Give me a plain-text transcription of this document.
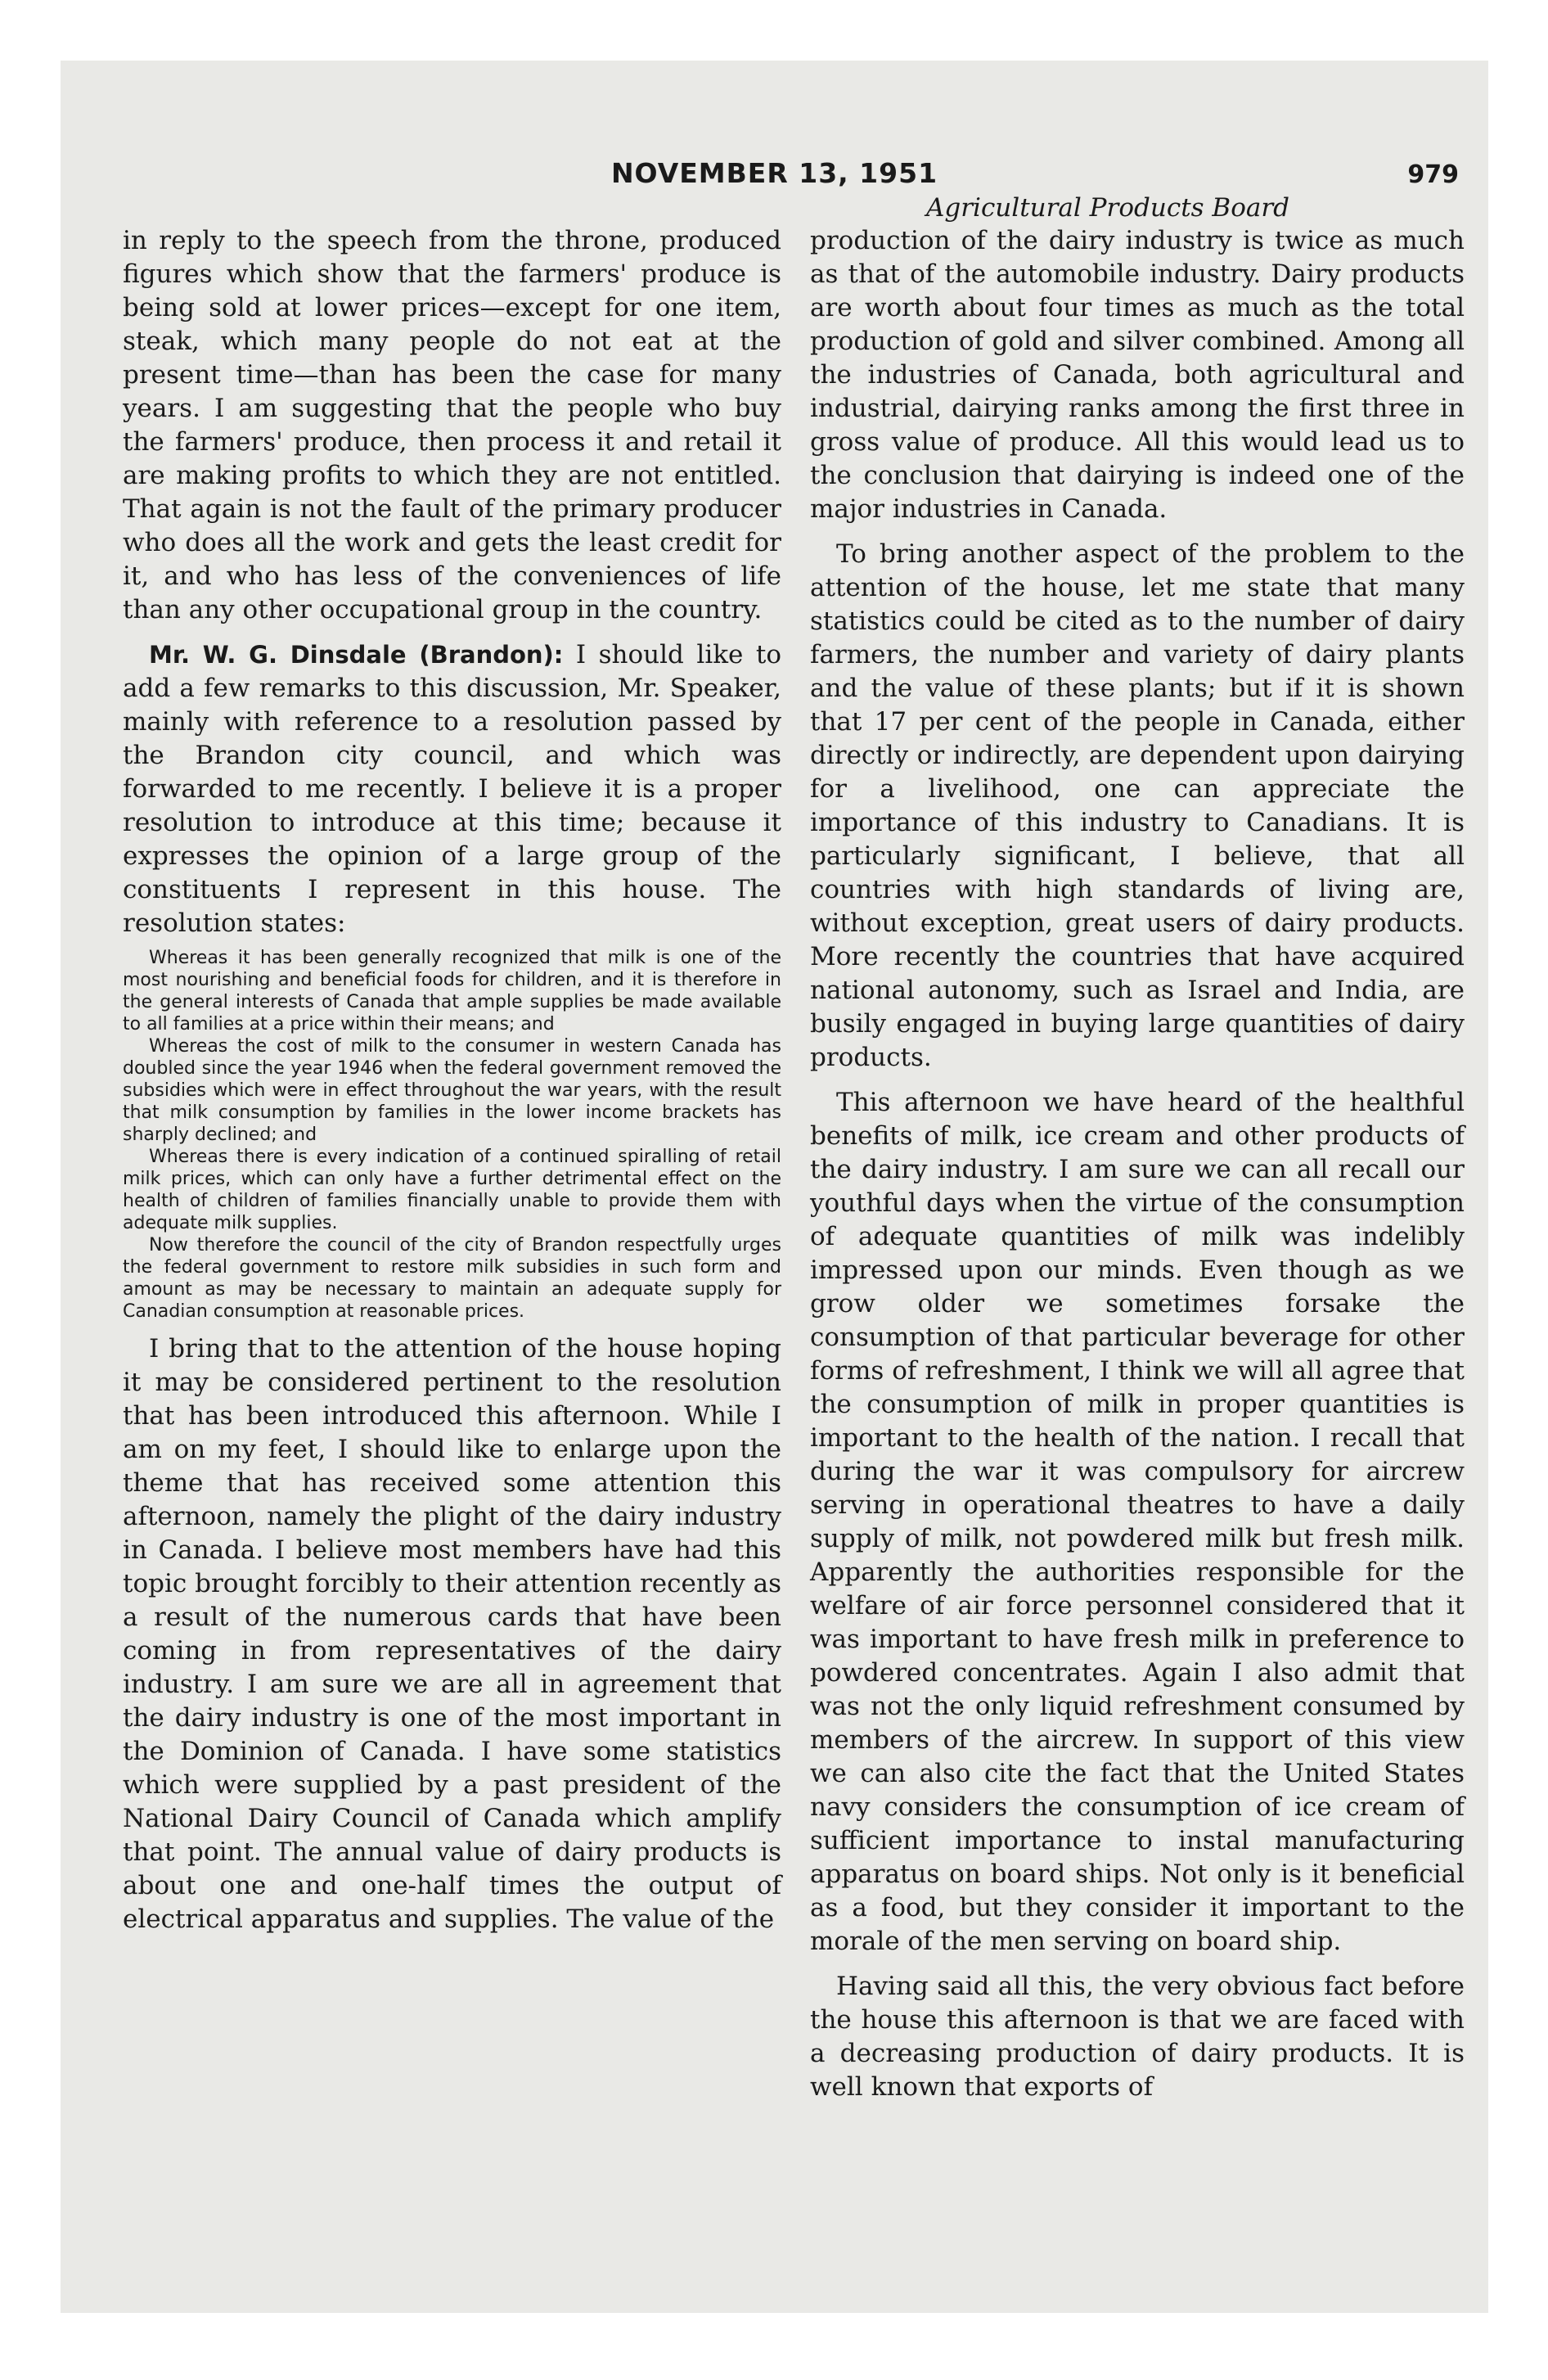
NOVEMBER 13, 1951	979
Agricultural Products Board

in reply to the speech from the throne, produced figures which show that the farmers' produce is being sold at lower prices—except for one item, steak, which many people do not eat at the present time—than has been the case for many years. I am suggesting that the people who buy the farmers' produce, then process it and retail it are making profits to which they are not entitled. That again is not the fault of the primary producer who does all the work and gets the least credit for it, and who has less of the conveniences of life than any other occupational group in the country.

Mr. W. G. Dinsdale (Brandon): I should like to add a few remarks to this discussion, Mr. Speaker, mainly with reference to a resolution passed by the Brandon city council, and which was forwarded to me recently. I believe it is a proper resolution to introduce at this time; because it expresses the opinion of a large group of the constituents I represent in this house. The resolution states:

Whereas it has been generally recognized that milk is one of the most nourishing and beneficial foods for children, and it is therefore in the general interests of Canada that ample supplies be made available to all families at a price within their means; and

Whereas the cost of milk to the consumer in western Canada has doubled since the year 1946 when the federal government removed the subsidies which were in effect throughout the war years, with the result that milk consumption by families in the lower income brackets has sharply declined; and

Whereas there is every indication of a continued spiralling of retail milk prices, which can only have a further detrimental effect on the health of children of families financially unable to provide them with adequate milk supplies.

Now therefore the council of the city of Brandon respectfully urges the federal government to restore milk subsidies in such form and amount as may be necessary to maintain an adequate supply for Canadian consumption at reasonable prices.

I bring that to the attention of the house hoping it may be considered pertinent to the resolution that has been introduced this afternoon. While I am on my feet, I should like to enlarge upon the theme that has received some attention this afternoon, namely the plight of the dairy industry in Canada. I believe most members have had this topic brought forcibly to their attention recently as a result of the numerous cards that have been coming in from representatives of the dairy industry. I am sure we are all in agreement that the dairy industry is one of the most important in the Dominion of Canada. I have some statistics which were supplied by a past president of the National Dairy Council of Canada which amplify that point. The annual value of dairy products is about one and one-half times the output of electrical apparatus and supplies. The value of the

production of the dairy industry is twice as much as that of the automobile industry. Dairy products are worth about four times as much as the total production of gold and silver combined. Among all the industries of Canada, both agricultural and industrial, dairying ranks among the first three in gross value of produce. All this would lead us to the conclusion that dairying is indeed one of the major industries in Canada.

To bring another aspect of the problem to the attention of the house, let me state that many statistics could be cited as to the number of dairy farmers, the number and variety of dairy plants and the value of these plants; but if it is shown that 17 per cent of the people in Canada, either directly or indirectly, are dependent upon dairying for a livelihood, one can appreciate the importance of this industry to Canadians. It is particularly significant, I believe, that all countries with high standards of living are, without exception, great users of dairy products. More recently the countries that have acquired national autonomy, such as Israel and India, are busily engaged in buying large quantities of dairy products.

This afternoon we have heard of the healthful benefits of milk, ice cream and other products of the dairy industry. I am sure we can all recall our youthful days when the virtue of the consumption of adequate quantities of milk was indelibly impressed upon our minds. Even though as we grow older we sometimes forsake the consumption of that particular beverage for other forms of refreshment, I think we will all agree that the consumption of milk in proper quantities is important to the health of the nation. I recall that during the war it was compulsory for aircrew serving in operational theatres to have a daily supply of milk, not powdered milk but fresh milk. Apparently the authorities responsible for the welfare of air force personnel considered that it was important to have fresh milk in preference to powdered concentrates. Again I also admit that was not the only liquid refreshment consumed by members of the aircrew. In support of this view we can also cite the fact that the United States navy considers the consumption of ice cream of sufficient importance to instal manufacturing apparatus on board ships. Not only is it beneficial as a food, but they consider it important to the morale of the men serving on board ship.

Having said all this, the very obvious fact before the house this afternoon is that we are faced with a decreasing production of dairy products. It is well known that exports of
